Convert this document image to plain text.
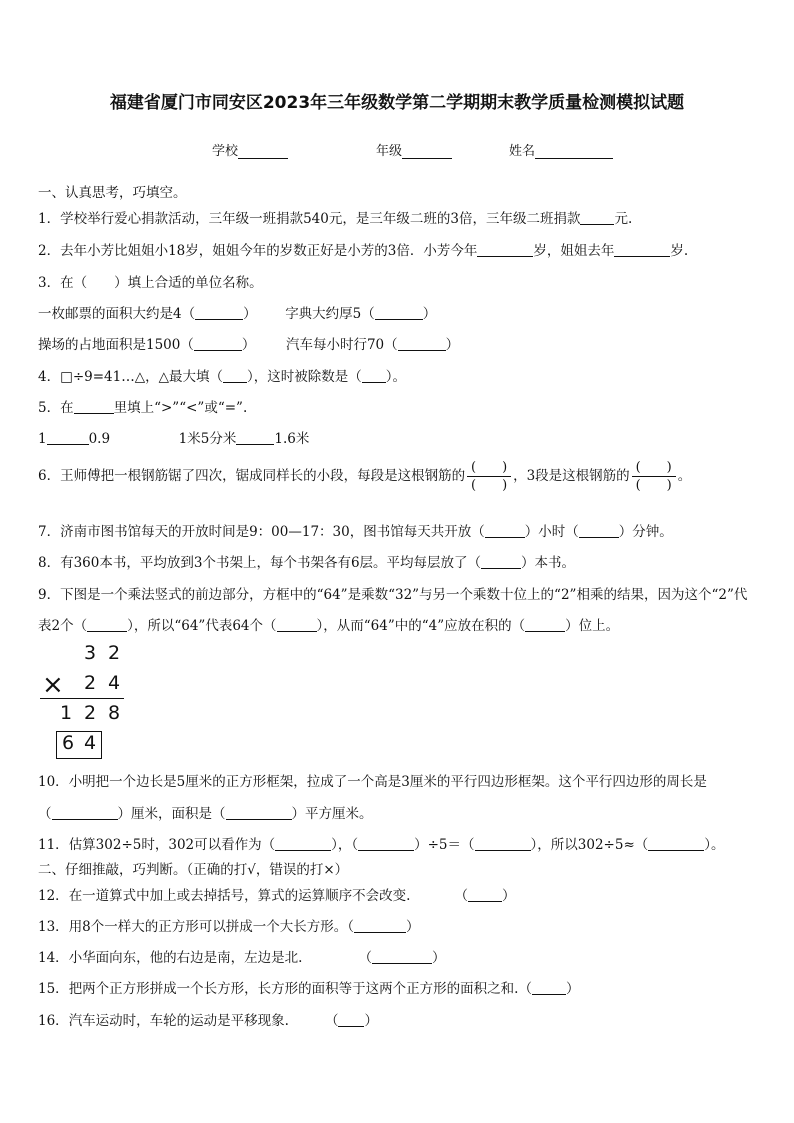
福建省厦门市同安区2023年三年级数学第二学期期末教学质量检测模拟试题
学校	年级	姓名
一、认真思考，巧填空。
1．学校举行爱心捐款活动，三年级一班捐款540元，是三年级二班的3倍，三年级二班捐款	元.
2．去年小芳比姐姐小18岁，姐姐今年的岁数正好是小芳的3倍．小芳今年	岁，姐姐去年	岁.
3．在（　　）填上合适的单位名称。
一枚邮票的面积大约是4（	） 字典大约厚5（	）
操场的占地面积是1500（	） 汽车每小时行70（	）
4．□÷9=41…△，△最大填（ ），这时被除数是（ ）。
5．在	里填上“>”“<”或“=”.
1	0.9	1米5分米	1.6米
6．王师傅把一根钢筋锯了四次，锯成同样长的小段，每段是这根钢筋的 $\frac{( )}{( )}$ ，3段是这根钢筋的 $\frac{( )}{( )}$ 。
7．济南市图书馆每天的开放时间是9：00—17：30，图书馆每天共开放（	）小时（	）分钟。
8．有360本书，平均放到3个书架上，每个书架各有6层。平均每层放了（	）本书。
9．下图是一个乘法竖式的前边部分，方框中的“64”是乘数“32”与另一个乘数十位上的“2”相乘的结果，因为这个“2”代
表2个（	），所以“64”代表64个（	），从而“64”中的“4”应放在积的（	）位上。
3 2
× 2 4
1 2 8
6 4
10．小明把一个边长是5厘米的正方形框架，拉成了一个高是3厘米的平行四边形框架。这个平行四边形的周长是
（	）厘米，面积是（	）平方厘米。
11．估算302÷5时，302可以看作为（	），（	）÷5＝（	），所以302÷5≈（	）。
二、仔细推敲，巧判断。（正确的打√，错误的打×）
12．在一道算式中加上或去掉括号，算式的运算顺序不会改变.	（	）
13．用8个一样大的正方形可以拼成一个大长方形。（	）
14．小华面向东，他的右边是南，左边是北.	（	）
15．把两个正方形拼成一个长方形，长方形的面积等于这两个正方形的面积之和.（	）
16．汽车运动时，车轮的运动是平移现象.	（ ）
